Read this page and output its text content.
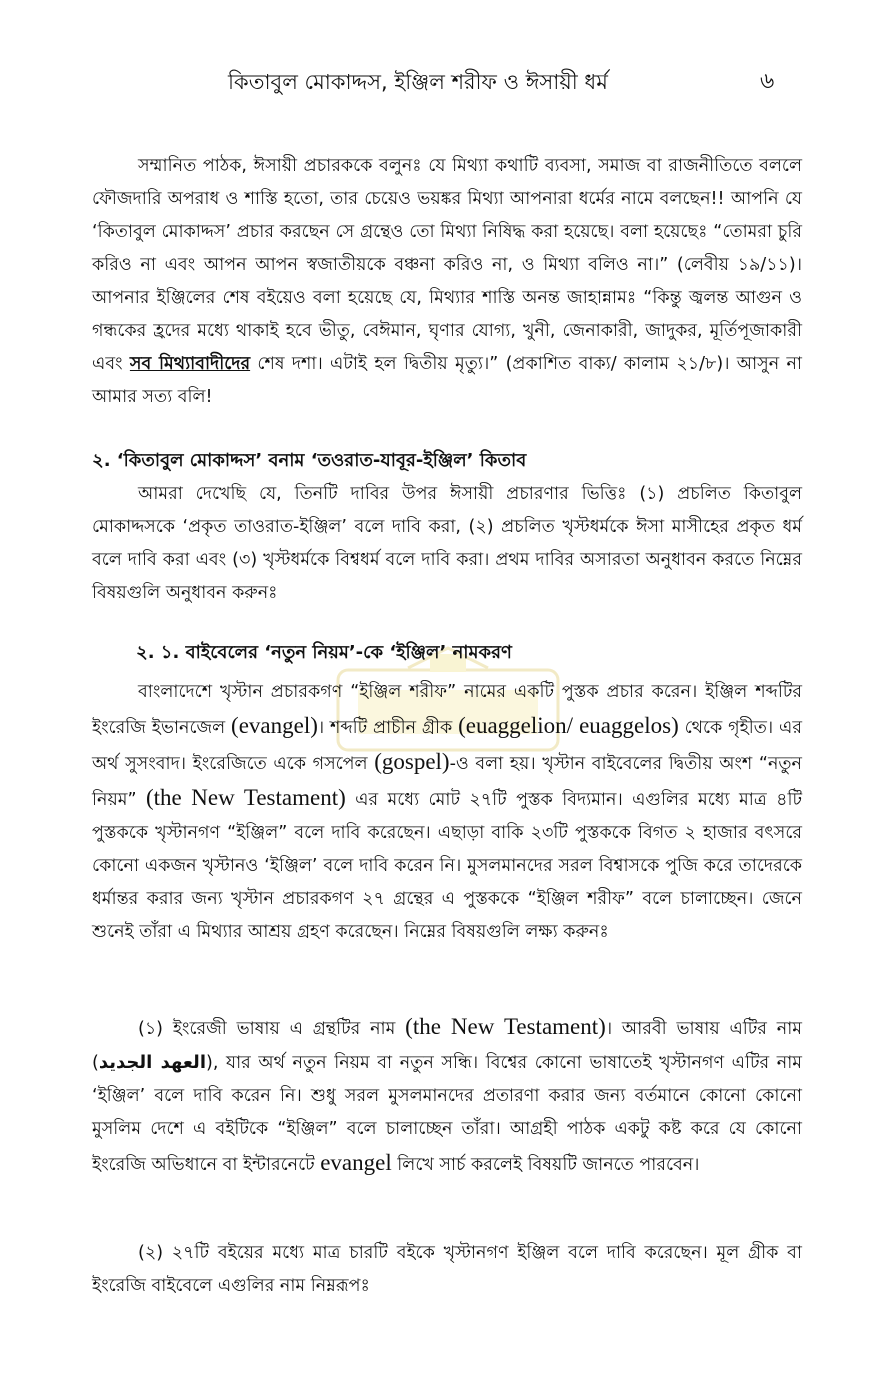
কিতাবুল মোকাদ্দস, ইঞ্জিল শরীফ ও ঈসায়ী ধর্ম	৬

সম্মানিত পাঠক, ঈসায়ী প্রচারককে বলুনঃ যে মিথ্যা কথাটি ব্যবসা, সমাজ বা রাজনীতিতে বললে ফৌজদারি অপরাধ ও শাস্তি হতো, তার চেয়েও ভয়ঙ্কর মিথ্যা আপনারা ধর্মের নামে বলছেন!! আপনি যে ‘কিতাবুল মোকাদ্দস’ প্রচার করছেন সে গ্রন্থেও তো মিথ্যা নিষিদ্ধ করা হয়েছে। বলা হয়েছেঃ “তোমরা চুরি করিও না এবং আপন আপন স্বজাতীয়কে বঞ্চনা করিও না, ও মিথ্যা বলিও না।” (লেবীয় ১৯/১১)। আপনার ইঞ্জিলের শেষ বইয়েও বলা হয়েছে যে, মিথ্যার শাস্তি অনন্ত জাহান্নামঃ “কিন্তু জ্বলন্ত আগুন ও গন্ধকের হ্রদের মধ্যে থাকাই হবে ভীতু, বেঈমান, ঘৃণার যোগ্য, খুনী, জেনাকারী, জাদুকর, মূর্তিপূজাকারী এবং সব মিথ্যাবাদীদের শেষ দশা। এটাই হল দ্বিতীয় মৃত্যু।” (প্রকাশিত বাক্য/ কালাম ২১/৮)। আসুন না আমার সত্য বলি!

২. ‘কিতাবুল মোকাদ্দস’ বনাম ‘তওরাত-যাবূর-ইঞ্জিল’ কিতাব

আমরা দেখেছি যে, তিনটি দাবির উপর ঈসায়ী প্রচারণার ভিত্তিঃ (১) প্রচলিত কিতাবুল মোকাদ্দসকে ‘প্রকৃত তাওরাত-ইঞ্জিল’ বলে দাবি করা, (২) প্রচলিত খৃস্টধর্মকে ঈসা মাসীহের প্রকৃত ধর্ম বলে দাবি করা এবং (৩) খৃস্টধর্মকে বিশ্বধর্ম বলে দাবি করা। প্রথম দাবির অসারতা অনুধাবন করতে নিম্নের বিষয়গুলি অনুধাবন করুনঃ

২. ১. বাইবেলের ‘নতুন নিয়ম’-কে ‘ইঞ্জিল’ নামকরণ

বাংলাদেশে খৃস্টান প্রচারকগণ “ইঞ্জিল শরীফ” নামের একটি পুস্তক প্রচার করেন। ইঞ্জিল শব্দটির ইংরেজি ইভানজেল (evangel)। শব্দটি প্রাচীন গ্রীক (euaggelion/ euaggelos) থেকে গৃহীত। এর অর্থ সুসংবাদ। ইংরেজিতে একে গসপেল (gospel)-ও বলা হয়। খৃস্টান বাইবেলের দ্বিতীয় অংশ “নতুন নিয়ম” (the New Testament) এর মধ্যে মোট ২৭টি পুস্তক বিদ্যমান। এগুলির মধ্যে মাত্র ৪টি পুস্তককে খৃস্টানগণ “ইঞ্জিল” বলে দাবি করেছেন। এছাড়া বাকি ২৩টি পুস্তককে বিগত ২ হাজার বৎসরে কোনো একজন খৃস্টানও ‘ইঞ্জিল’ বলে দাবি করেন নি। মুসলমানদের সরল বিশ্বাসকে পুজি করে তাদেরকে ধর্মান্তর করার জন্য খৃস্টান প্রচারকগণ ২৭ গ্রন্থের এ পুস্তককে “ইঞ্জিল শরীফ” বলে চালাচ্ছেন। জেনে শুনেই তাঁরা এ মিথ্যার আশ্রয় গ্রহণ করেছেন। নিম্নের বিষয়গুলি লক্ষ্য করুনঃ

(১) ইংরেজী ভাষায় এ গ্রন্থটির নাম (the New Testament)। আরবী ভাষায় এটির নাম (العهد الجديد), যার অর্থ নতুন নিয়ম বা নতুন সন্ধি। বিশ্বের কোনো ভাষাতেই খৃস্টানগণ এটির নাম ‘ইঞ্জিল’ বলে দাবি করেন নি। শুধু সরল মুসলমানদের প্রতারণা করার জন্য বর্তমানে কোনো কোনো মুসলিম দেশে এ বইটিকে “ইঞ্জিল” বলে চালাচ্ছেন তাঁরা। আগ্রহী পাঠক একটু কষ্ট করে যে কোনো ইংরেজি অভিধানে বা ইন্টারনেটে evangel লিখে সার্চ করলেই বিষয়টি জানতে পারবেন।

(২) ২৭টি বইয়ের মধ্যে মাত্র চারটি বইকে খৃস্টানগণ ইঞ্জিল বলে দাবি করেছেন। মূল গ্রীক বা ইংরেজি বাইবেলে এগুলির নাম নিম্নরূপঃ
